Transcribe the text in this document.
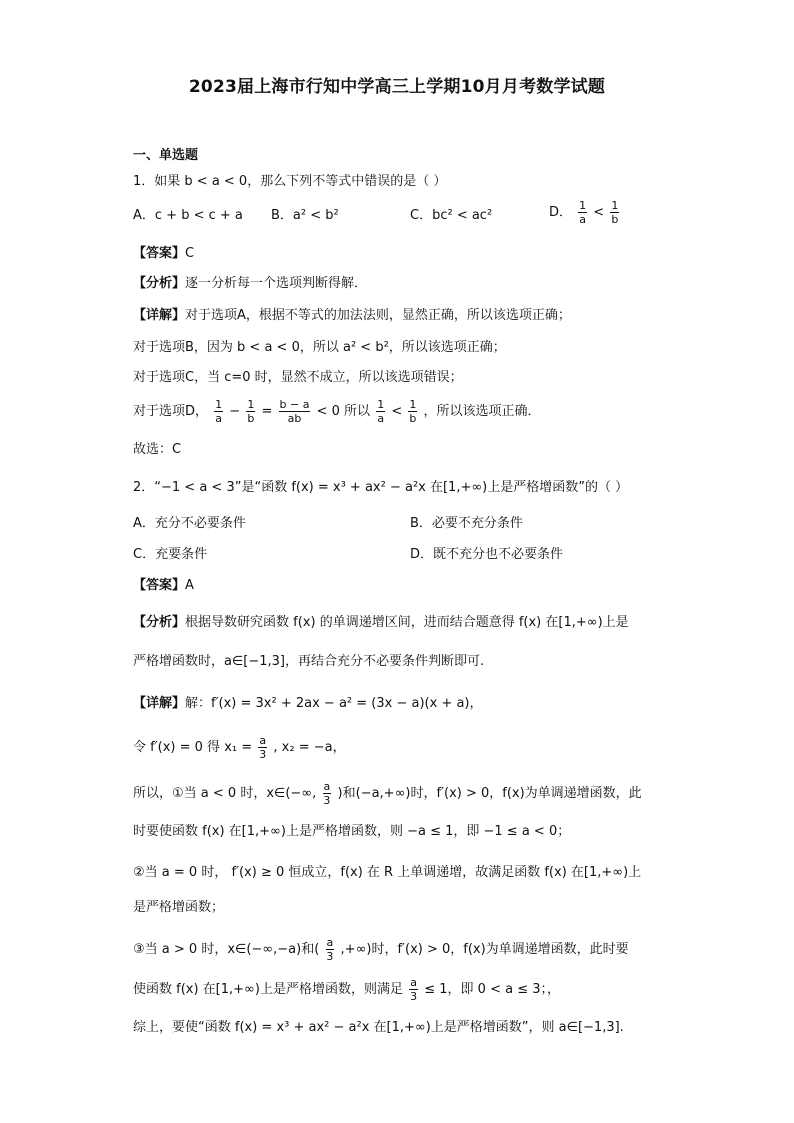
2023届上海市行知中学高三上学期10月月考数学试题
一、单选题
1．如果 b < a < 0，那么下列不等式中错误的是（ ）
A．c + b < c + a B．a² < b²	C．bc² < ac²	D． $\frac{1}{a} < \frac{1}{b}$
【答案】C
【分析】逐一分析每一个选项判断得解．
【详解】对于选项A，根据不等式的加法法则，显然正确，所以该选项正确；
对于选项B，因为 b < a < 0，所以 a² < b²，所以该选项正确；
对于选项C，当 c=0 时，显然不成立，所以该选项错误；
对于选项D， $\frac{1}{a} - \frac{1}{b} = \frac{b - a}{ab} < 0$ 所以 $\frac{1}{a} < \frac{1}{b}$ ，所以该选项正确．
故选：C
2．“−1 < a < 3”是“函数 f(x) = x³ + ax² − a²x 在[1,+∞)上是严格增函数”的（ ）
A．充分不必要条件	B．必要不充分条件
C．充要条件	D．既不充分也不必要条件
【答案】A
【分析】根据导数研究函数 f(x) 的单调递增区间，进而结合题意得 f(x) 在[1,+∞)上是
严格增函数时，a∈[−1,3]，再结合充分不必要条件判断即可.
【详解】解：f′(x) = 3x² + 2ax − a² = (3x − a)(x + a)，
令 f′(x) = 0 得 $x_1 = \frac{a}{3}$ , x₂ = −a，
所以，①当 a < 0 时，x∈(−∞, $\frac{a}{3}$ )和(−a,+∞)时，f′(x) > 0，f(x)为单调递增函数，此
时要使函数 f(x) 在[1,+∞)上是严格增函数，则 −a ≤ 1，即 −1 ≤ a < 0；
②当 a = 0 时， f′(x) ≥ 0 恒成立，f(x) 在 R 上单调递增，故满足函数 f(x) 在[1,+∞)上
是严格增函数；
③当 a > 0 时，x∈(−∞,−a)和( $\frac{a}{3}$ ,+∞)时，f′(x) > 0，f(x)为单调递增函数，此时要
使函数 f(x) 在[1,+∞)上是严格增函数，则满足 $\frac{a}{3} \le 1$，即 0 < a ≤ 3；，
综上，要使“函数 f(x) = x³ + ax² − a²x 在[1,+∞)上是严格增函数”，则 a∈[−1,3].
